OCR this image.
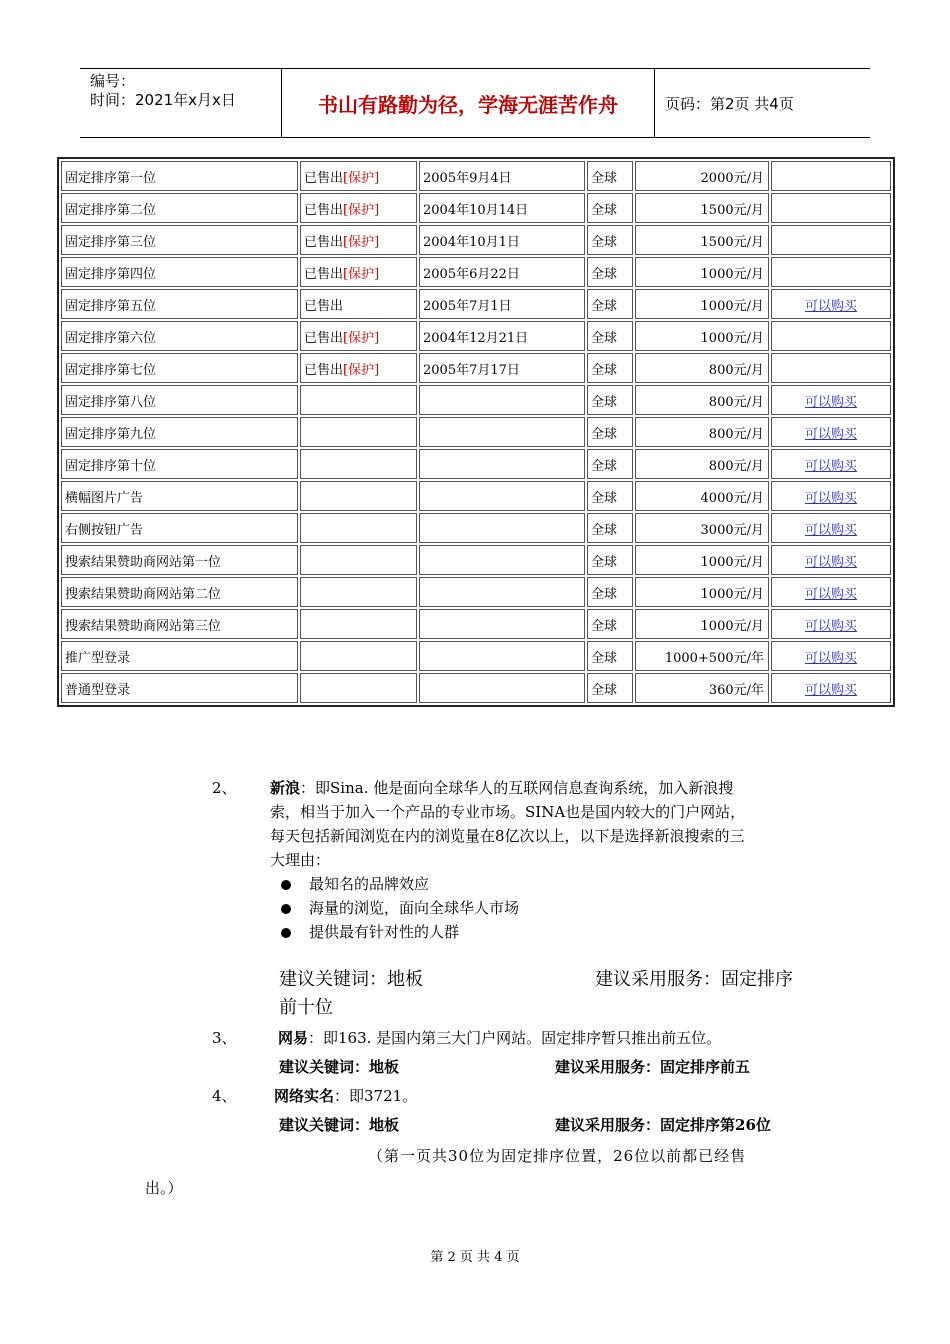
编号：
时间：2021年x月x日	书山有路勤为径，学海无涯苦作舟	页码：第2页 共4页
固定排序第一位	已售出[保护]	2005年9月4日	全球	2000元/月	
固定排序第二位	已售出[保护]	2004年10月14日	全球	1500元/月	
固定排序第三位	已售出[保护]	2004年10月1日	全球	1500元/月	
固定排序第四位	已售出[保护]	2005年6月22日	全球	1000元/月	
固定排序第五位	已售出	2005年7月1日	全球	1000元/月	可以购买
固定排序第六位	已售出[保护]	2004年12月21日	全球	1000元/月	
固定排序第七位	已售出[保护]	2005年7月17日	全球	800元/月	
固定排序第八位			全球	800元/月	可以购买
固定排序第九位			全球	800元/月	可以购买
固定排序第十位			全球	800元/月	可以购买
横幅图片广告			全球	4000元/月	可以购买
右侧按钮广告			全球	3000元/月	可以购买
搜索结果赞助商网站第一位			全球	1000元/月	可以购买
搜索结果赞助商网站第二位			全球	1000元/月	可以购买
搜索结果赞助商网站第三位			全球	1000元/月	可以购买
推广型登录			全球	1000+500元/年	可以购买
普通型登录			全球	360元/年	可以购买
2、 新浪：即Sina. 他是面向全球华人的互联网信息查询系统，加入新浪搜
索，相当于加入一个产品的专业市场。SINA也是国内较大的门户网站，
每天包括新闻浏览在内的浏览量在8亿次以上，以下是选择新浪搜索的三
大理由：
最知名的品牌效应
海量的浏览，面向全球华人市场
提供最有针对性的人群
建议关键词：地板	建议采用服务：固定排序
前十位
3、	网易：即163. 是国内第三大门户网站。固定排序暂只推出前五位。
建议关键词：地板	建议采用服务：固定排序前五
4、 网络实名：即3721。
建议关键词：地板	建议采用服务：固定排序第26位
（第一页共30位为固定排序位置，26位以前都已经售
出。）
第 2 页 共 4 页
